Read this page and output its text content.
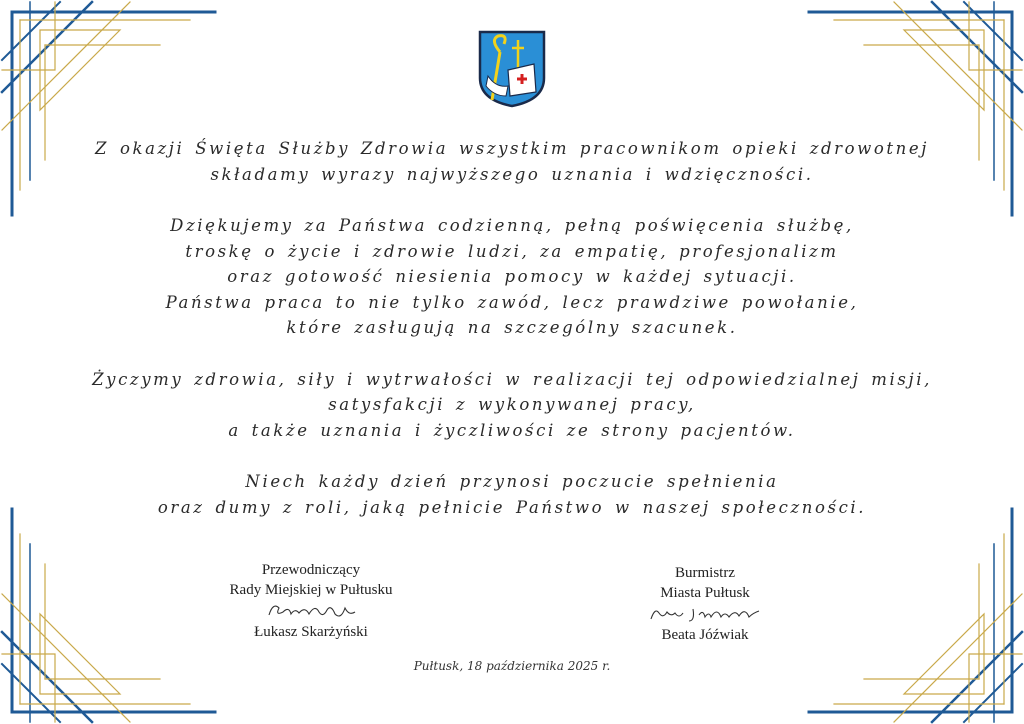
Z okazji Święta Służby Zdrowia wszystkim pracownikom opieki zdrowotnej
składamy wyrazy najwyższego uznania i wdzięczności.

Dziękujemy za Państwa codzienną, pełną poświęcenia służbę,
troskę o życie i zdrowie ludzi, za empatię, profesjonalizm
oraz gotowość niesienia pomocy w każdej sytuacji.
Państwa praca to nie tylko zawód, lecz prawdziwe powołanie,
które zasługują na szczególny szacunek.

Życzymy zdrowia, siły i wytrwałości w realizacji tej odpowiedzialnej misji,
satysfakcji z wykonywanej pracy,
a także uznania i życzliwości ze strony pacjentów.

Niech każdy dzień przynosi poczucie spełnienia
oraz dumy z roli, jaką pełnicie Państwo w naszej społeczności.

Przewodniczący
Rady Miejskiej w Pułtusku
Łukasz Skarżyński
Burmistrz
Miasta Pułtusk
Beata Jóźwiak
Pułtusk, 18 października 2025 r.
